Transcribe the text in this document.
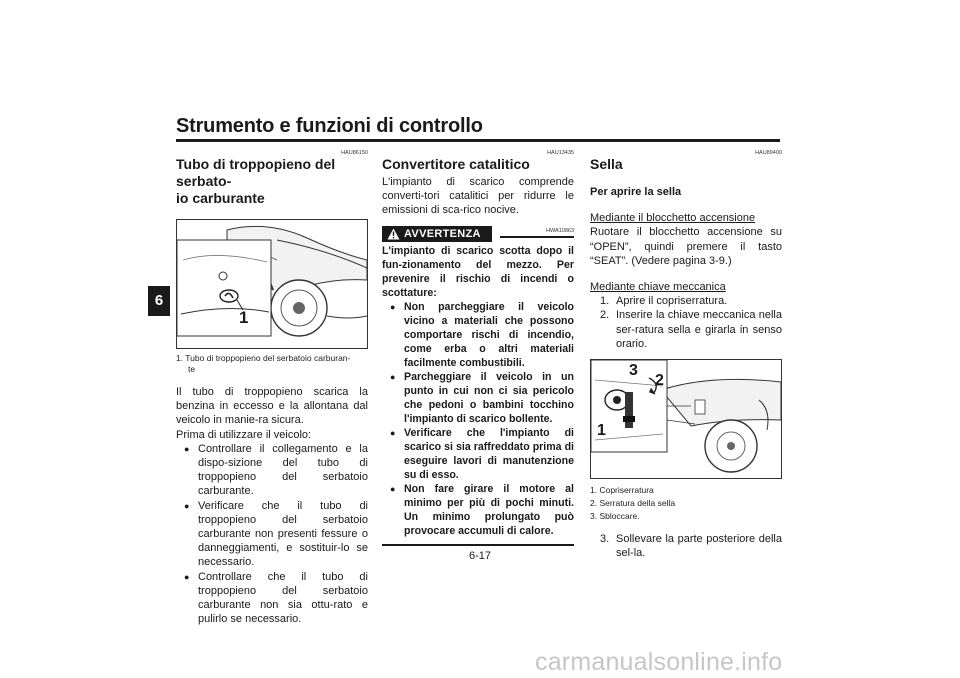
Strumento e funzioni di controllo
6
HAU86150
Tubo di troppopieno del serbato-
io carburante
1
1. Tubo di troppopieno del serbatoio carburan-
te
Il tubo di troppopieno scarica la benzina in eccesso e la allontana dal veicolo in manie-ra sicura.
Prima di utilizzare il veicolo:
● Controllare il collegamento e la dispo-sizione del tubo di troppopieno del serbatoio carburante.
● Verificare che il tubo di troppopieno del serbatoio carburante non presenti fessure o danneggiamenti, e sostituir-lo se necessario.
● Controllare che il tubo di troppopieno del serbatoio carburante non sia ottu-rato e pulirlo se necessario.
HAU13435
Convertitore catalitico
L'impianto di scarico comprende converti-tori catalitici per ridurre le emissioni di sca-rico nocive.
AVVERTENZA	HWA10863
L'impianto di scarico scotta dopo il fun-zionamento del mezzo. Per prevenire il rischio di incendi o scottature:
● Non parcheggiare il veicolo vicino a materiali che possono comportare rischi di incendio, come erba o altri materiali facilmente combustibili.
● Parcheggiare il veicolo in un punto in cui non ci sia pericolo che pedoni o bambini tocchino l'impianto di scarico bollente.
● Verificare che l'impianto di scarico si sia raffreddato prima di eseguire lavori di manutenzione su di esso.
● Non fare girare il motore al minimo per più di pochi minuti. Un minimo prolungato può provocare accumuli di calore.
HAU89400
Sella
Per aprire la sella
Mediante il blocchetto accensione
Ruotare il blocchetto accensione su “OPEN”, quindi premere il tasto “SEAT”. (Vedere pagina 3-9.)
Mediante chiave meccanica
1. Aprire il copriserratura.
2. Inserire la chiave meccanica nella ser-ratura sella e girarla in senso orario.
1
2
3
1. Copriserratura
2. Serratura della sella
3. Sbloccare.
3. Sollevare la parte posteriore della sel-la.
6-17
carmanualsonline.info
